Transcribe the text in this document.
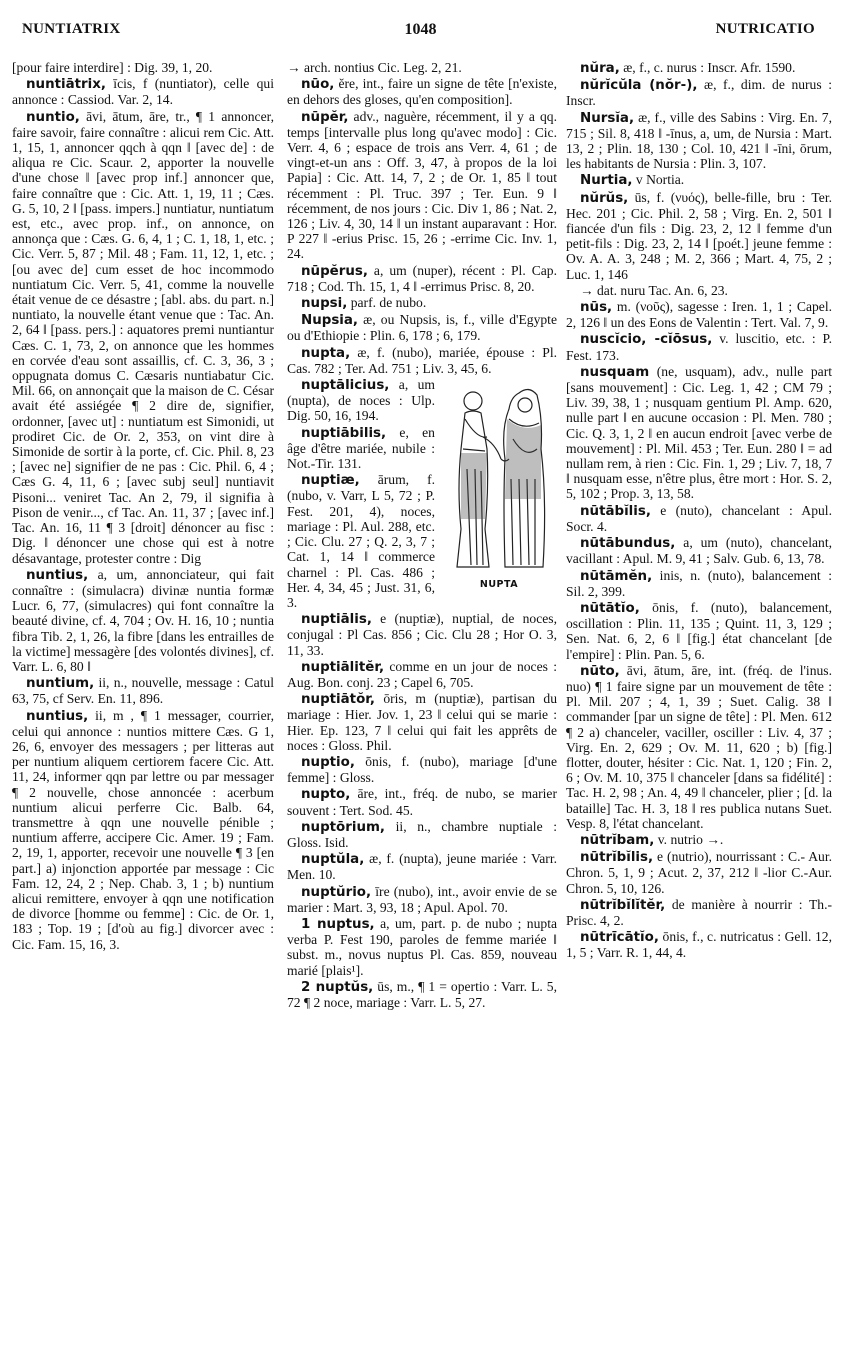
NUNTIATRIX	1048	NUTRICATIO

[pour faire interdire] : Dig. 39, 1, 20.

nuntiātrix, īcis, f (nuntiator), celle qui annonce : Cassiod. Var. 2, 14.

nuntio, āvi, ātum, āre, tr., ¶ 1 annoncer, faire savoir, faire connaître : alicui rem Cic. Att. 1, 15, 1, annoncer qqch à qqn ‖ [avec de] : de aliqua re Cic. Scaur. 2, apporter la nouvelle d'une chose ‖ [avec prop inf.] annoncer que, faire connaître que : Cic. Att. 1, 19, 11 ; Cæs. G. 5, 10, 2 ‖ [pass. impers.] nuntiatur, nuntiatum est, etc., avec prop. inf., on annonce, on annonça que : Cæs. G. 6, 4, 1 ; C. 1, 18, 1, etc. ; Cic. Verr. 5, 87 ; Mil. 48 ; Fam. 11, 12, 1, etc. ; [ou avec de] cum esset de hoc incommodo nuntiatum Cic. Verr. 5, 41, comme la nouvelle était venue de ce désastre ; [abl. abs. du part. n.] nuntiato, la nouvelle étant venue que : Tac. An. 2, 64 ‖ [pass. pers.] : aquatores premi nuntiantur Cæs. C. 1, 73, 2, on annonce que les hommes en corvée d'eau sont assaillis, cf. C. 3, 36, 3 ; oppugnata domus C. Cæsaris nuntiabatur Cic. Mil. 66, on annonçait que la maison de C. César avait été assiégée ¶ 2 dire de, signifier, ordonner, [avec ut] : nuntiatum est Simonidi, ut prodiret Cic. de Or. 2, 353, on vint dire à Simonide de sortir à la porte, cf. Cic. Phil. 8, 23 ; [avec ne] signifier de ne pas : Cic. Phil. 6, 4 ; Cæs G. 4, 11, 6 ; [avec subj seul] nuntiavit Pisoni... veniret Tac. An 2, 79, il signifia à Pison de venir..., cf Tac. An. 11, 37 ; [avec inf.] Tac. An. 16, 11 ¶ 3 [droit] dénoncer au fisc : Dig. ‖ dénoncer une chose qui est à notre désavantage, protester contre : Dig

nuntius, a, um, annonciateur, qui fait connaître : (simulacra) divinæ nuntia formæ Lucr. 6, 77, (simulacres) qui font connaître la beauté divine, cf. 4, 704 ; Ov. H. 16, 10 ; nuntia fibra Tib. 2, 1, 26, la fibre [dans les entrailles de la victime] messagère [des volontés divines], cf. Varr. L. 6, 80 ‖

nuntium, ii, n., nouvelle, message : Catul 63, 75, cf Serv. En. 11, 896.

nuntius, ii, m , ¶ 1 messager, courrier, celui qui annonce : nuntios mittere Cæs. G 1, 26, 6, envoyer des messagers ; per litteras aut per nuntium aliquem certiorem facere Cic. Att. 11, 24, informer qqn par lettre ou par messager ¶ 2 nouvelle, chose annoncée : acerbum nuntium alicui perferre Cic. Balb. 64, transmettre à qqn une nouvelle pénible ; nuntium afferre, accipere Cic. Amer. 19 ; Fam. 2, 19, 1, apporter, recevoir une nouvelle ¶ 3 [en part.] a) injonction apportée par message : Cic Fam. 12, 24, 2 ; Nep. Chab. 3, 1 ; b) nuntium alicui remittere, envoyer à qqn une notification de divorce [homme ou femme] : Cic. de Or. 1, 183 ; Top. 19 ; [d'où au fig.] divorcer avec : Cic. Fam. 15, 16, 3.

→ arch. nontius Cic. Leg. 2, 21.

nūo, ĕre, int., faire un signe de tête [n'existe, en dehors des gloses, qu'en composition].

nūpĕr, adv., naguère, récemment, il y a qq. temps [intervalle plus long qu'avec modo] : Cic. Verr. 4, 6 ; espace de trois ans Verr. 4, 61 ; de vingt-et-un ans : Off. 3, 47, à propos de la loi Papia] : Cic. Att. 14, 7, 2 ; de Or. 1, 85 ‖ tout récemment : Pl. Truc. 397 ; Ter. Eun. 9 ‖ récemment, de nos jours : Cic. Div 1, 86 ; Nat. 2, 126 ; Liv. 4, 30, 14 ‖ un instant auparavant : Hor. P 227 ‖ -erius Prisc. 15, 26 ; -errime Cic. Inv. 1, 24.

nūpĕrus, a, um (nuper), récent : Pl. Cap. 718 ; Cod. Th. 15, 1, 4 ‖ -errimus Prisc. 8, 20.

nupsi, parf. de nubo.

Nupsia, æ, ou Nupsis, is, f., ville d'Egypte ou d'Ethiopie : Plin. 6, 178 ; 6, 179.

nupta, æ, f. (nubo), mariée, épouse : Pl. Cas. 782 ; Ter. Ad. 751 ; Liv. 3, 45, 6.

NUPTA

nuptālicius, a, um (nupta), de noces : Ulp. Dig. 50, 16, 194.

nuptiābilis, e, en âge d'être mariée, nubile : Not.-Tir. 131.

nuptiæ, ārum, f. (nubo, v. Varr, L 5, 72 ; P. Fest. 201, 4), noces, mariage : Pl. Aul. 288, etc. ; Cic. Clu. 27 ; Q. 2, 3, 7 ; Cat. 1, 14 ‖ commerce charnel : Pl. Cas. 486 ; Her. 4, 34, 45 ; Just. 31, 6, 3.

nuptiālis, e (nuptiæ), nuptial, de noces, conjugal : Pl Cas. 856 ; Cic. Clu 28 ; Hor O. 3, 11, 33.

nuptiālitĕr, comme en un jour de noces : Aug. Bon. conj. 23 ; Capel 6, 705.

nuptiātŏr, ōris, m (nuptiæ), partisan du mariage : Hier. Jov. 1, 23 ‖ celui qui se marie : Hier. Ep. 123, 7 ‖ celui qui fait les apprêts de noces : Gloss. Phil.

nuptio, ōnis, f. (nubo), mariage [d'une femme] : Gloss.

nupto, āre, int., fréq. de nubo, se marier souvent : Tert. Sod. 45.

nuptōrium, ii, n., chambre nuptiale : Gloss. Isid.

nuptŭla, æ, f. (nupta), jeune mariée : Varr. Men. 10.

nuptŭrio, īre (nubo), int., avoir envie de se marier : Mart. 3, 93, 18 ; Apul. Apol. 70.

1 nuptus, a, um, part. p. de nubo ; nupta verba P. Fest 190, paroles de femme mariée ‖ subst. m., novus nuptus Pl. Cas. 859, nouveau marié [plais¹].

2 nuptŭs, ūs, m., ¶ 1 = opertio : Varr. L. 5, 72 ¶ 2 noce, mariage : Varr. L. 5, 27.

nŭra, æ, f., c. nurus : Inscr. Afr. 1590.

nŭrĭcŭla (nŏr-), æ, f., dim. de nurus : Inscr.

Nursĭa, æ, f., ville des Sabins : Virg. En. 7, 715 ; Sil. 8, 418 ‖ -īnus, a, um, de Nursia : Mart. 13, 2 ; Plin. 18, 130 ; Col. 10, 421 ‖ -īni, ōrum, les habitants de Nursia : Plin. 3, 107.

Nurtia, v Nortia.

nŭrŭs, ūs, f. (νυός), belle-fille, bru : Ter. Hec. 201 ; Cic. Phil. 2, 58 ; Virg. En. 2, 501 ‖ fiancée d'un fils : Dig. 23, 2, 12 ‖ femme d'un petit-fils : Dig. 23, 2, 14 ‖ [poét.] jeune femme : Ov. A. A. 3, 248 ; M. 2, 366 ; Mart. 4, 75, 2 ; Luc. 1, 146

→ dat. nuru Tac. An. 6, 23.

nūs, m. (νοῦς), sagesse : Iren. 1, 1 ; Capel. 2, 126 ‖ un des Eons de Valentin : Tert. Val. 7, 9.

nuscĭcio, -cĭōsus, v. luscitio, etc. : P. Fest. 173.

nusquam (ne, usquam), adv., nulle part [sans mouvement] : Cic. Leg. 1, 42 ; CM 79 ; Liv. 39, 38, 1 ; nusquam gentium Pl. Amp. 620, nulle part ‖ en aucune occasion : Pl. Men. 780 ; Cic. Q. 3, 1, 2 ‖ en aucun endroit [avec verbe de mouvement] : Pl. Mil. 453 ; Ter. Eun. 280 ‖ = ad nullam rem, à rien : Cic. Fin. 1, 29 ; Liv. 7, 18, 7 ‖ nusquam esse, n'être plus, être mort : Hor. S. 2, 5, 102 ; Prop. 3, 13, 58.

nūtābĭlis, e (nuto), chancelant : Apul. Socr. 4.

nūtābundus, a, um (nuto), chancelant, vacillant : Apul. M. 9, 41 ; Salv. Gub. 6, 13, 78.

nūtāmĕn, inis, n. (nuto), balancement : Sil. 2, 399.

nūtātĭo, ōnis, f. (nuto), balancement, oscillation : Plin. 11, 135 ; Quint. 11, 3, 129 ; Sen. Nat. 6, 2, 6 ‖ [fig.] état chancelant [de l'empire] : Plin. Pan. 5, 6.

nūto, āvi, ātum, āre, int. (fréq. de l'inus. nuo) ¶ 1 faire signe par un mouvement de tête : Pl. Mil. 207 ; 4, 1, 39 ; Suet. Calig. 38 ‖ commander [par un signe de tête] : Pl. Men. 612 ¶ 2 a) chanceler, vaciller, osciller : Liv. 4, 37 ; Virg. En. 2, 629 ; Ov. M. 11, 620 ; b) [fig.] flotter, douter, hésiter : Cic. Nat. 1, 120 ; Fin. 2, 6 ; Ov. M. 10, 375 ‖ chanceler [dans sa fidélité] : Tac. H. 2, 98 ; An. 4, 49 ‖ chanceler, plier ; [d. la bataille] Tac. H. 3, 18 ‖ res publica nutans Suet. Vesp. 8, l'état chancelant.

nūtrĭbam, v. nutrio →.

nūtrĭbĭlis, e (nutrio), nourrissant : C.- Aur. Chron. 5, 1, 9 ; Acut. 2, 37, 212 ‖ -lior C.-Aur. Chron. 5, 10, 126.

nūtrĭbĭlĭtĕr, de manière à nourrir : Th.-Prisc. 4, 2.

nūtrīcātĭo, ōnis, f., c. nutricatus : Gell. 12, 1, 5 ; Varr. R. 1, 44, 4.
